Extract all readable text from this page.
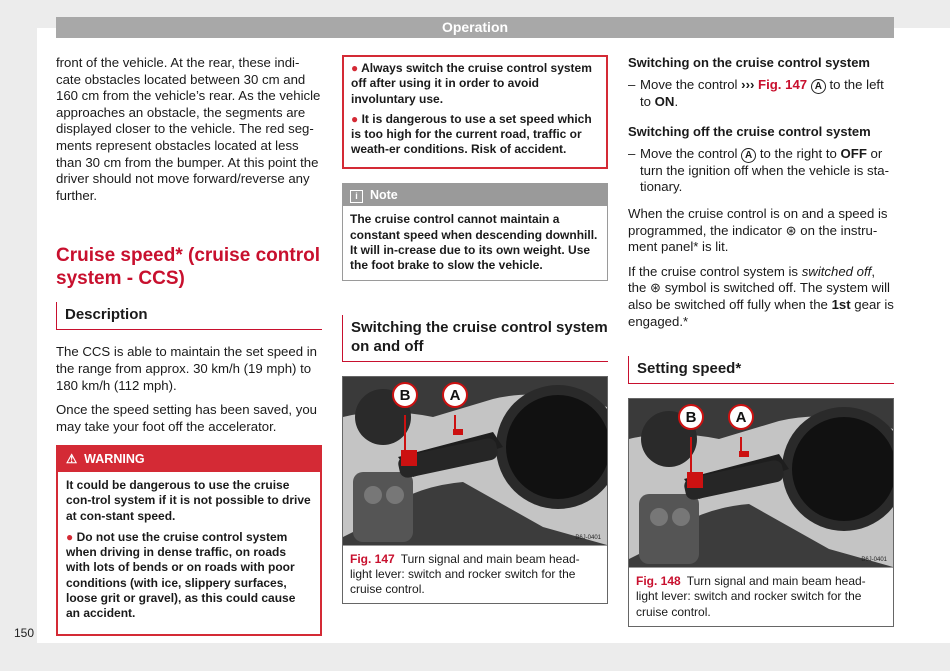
Operation

front of the vehicle. At the rear, these indi-cate obstacles located between 30 cm and 160 cm from the vehicle’s rear. As the vehicle approaches an obstacle, the segments are displayed closer to the vehicle. The red seg-ments represent obstacles located at less than 30 cm from the bumper. At this point the driver should not move forward/reverse any further.

Cruise speed* (cruise control system - CCS)
Description

The CCS is able to maintain the set speed in the range from approx. 30 km/h (19 mph) to 180 km/h (112 mph).

Once the speed setting has been saved, you may take your foot off the accelerator.

⚠ WARNING

It could be dangerous to use the cruise con-trol system if it is not possible to drive at con-stant speed.

● Do not use the cruise control system when driving in dense traffic, on roads with lots of bends or on roads with poor conditions (with ice, slippery surfaces, loose grit or gravel), as this could cause an accident.

● Always switch the cruise control system off after using it in order to avoid involuntary use.

● It is dangerous to use a set speed which is too high for the current road, traffic or weath-er conditions. Risk of accident.

i Note
The cruise control cannot maintain a constant speed when descending downhill. It will in-crease due to its own weight. Use the foot brake to slow the vehicle.
Switching the cruise control system on and off
B	A
B6J-0401
Fig. 147 Turn signal and main beam head-light lever: switch and rocker switch for the cruise control.
Switching on the cruise control system
– Move the control ››› Fig. 147 A to the left to ON.
Switching off the cruise control system
– Move the control A to the right to OFF or turn the ignition off when the vehicle is sta-tionary.

When the cruise control is on and a speed is programmed, the indicator ⊛ on the instru-ment panel* is lit.

If the cruise control system is switched off, the ⊛ symbol is switched off. The system will also be switched off fully when the 1st gear is engaged.*

Setting speed*
B	A
B6J-0401
Fig. 148 Turn signal and main beam head-light lever: switch and rocker switch for the cruise control.
150
